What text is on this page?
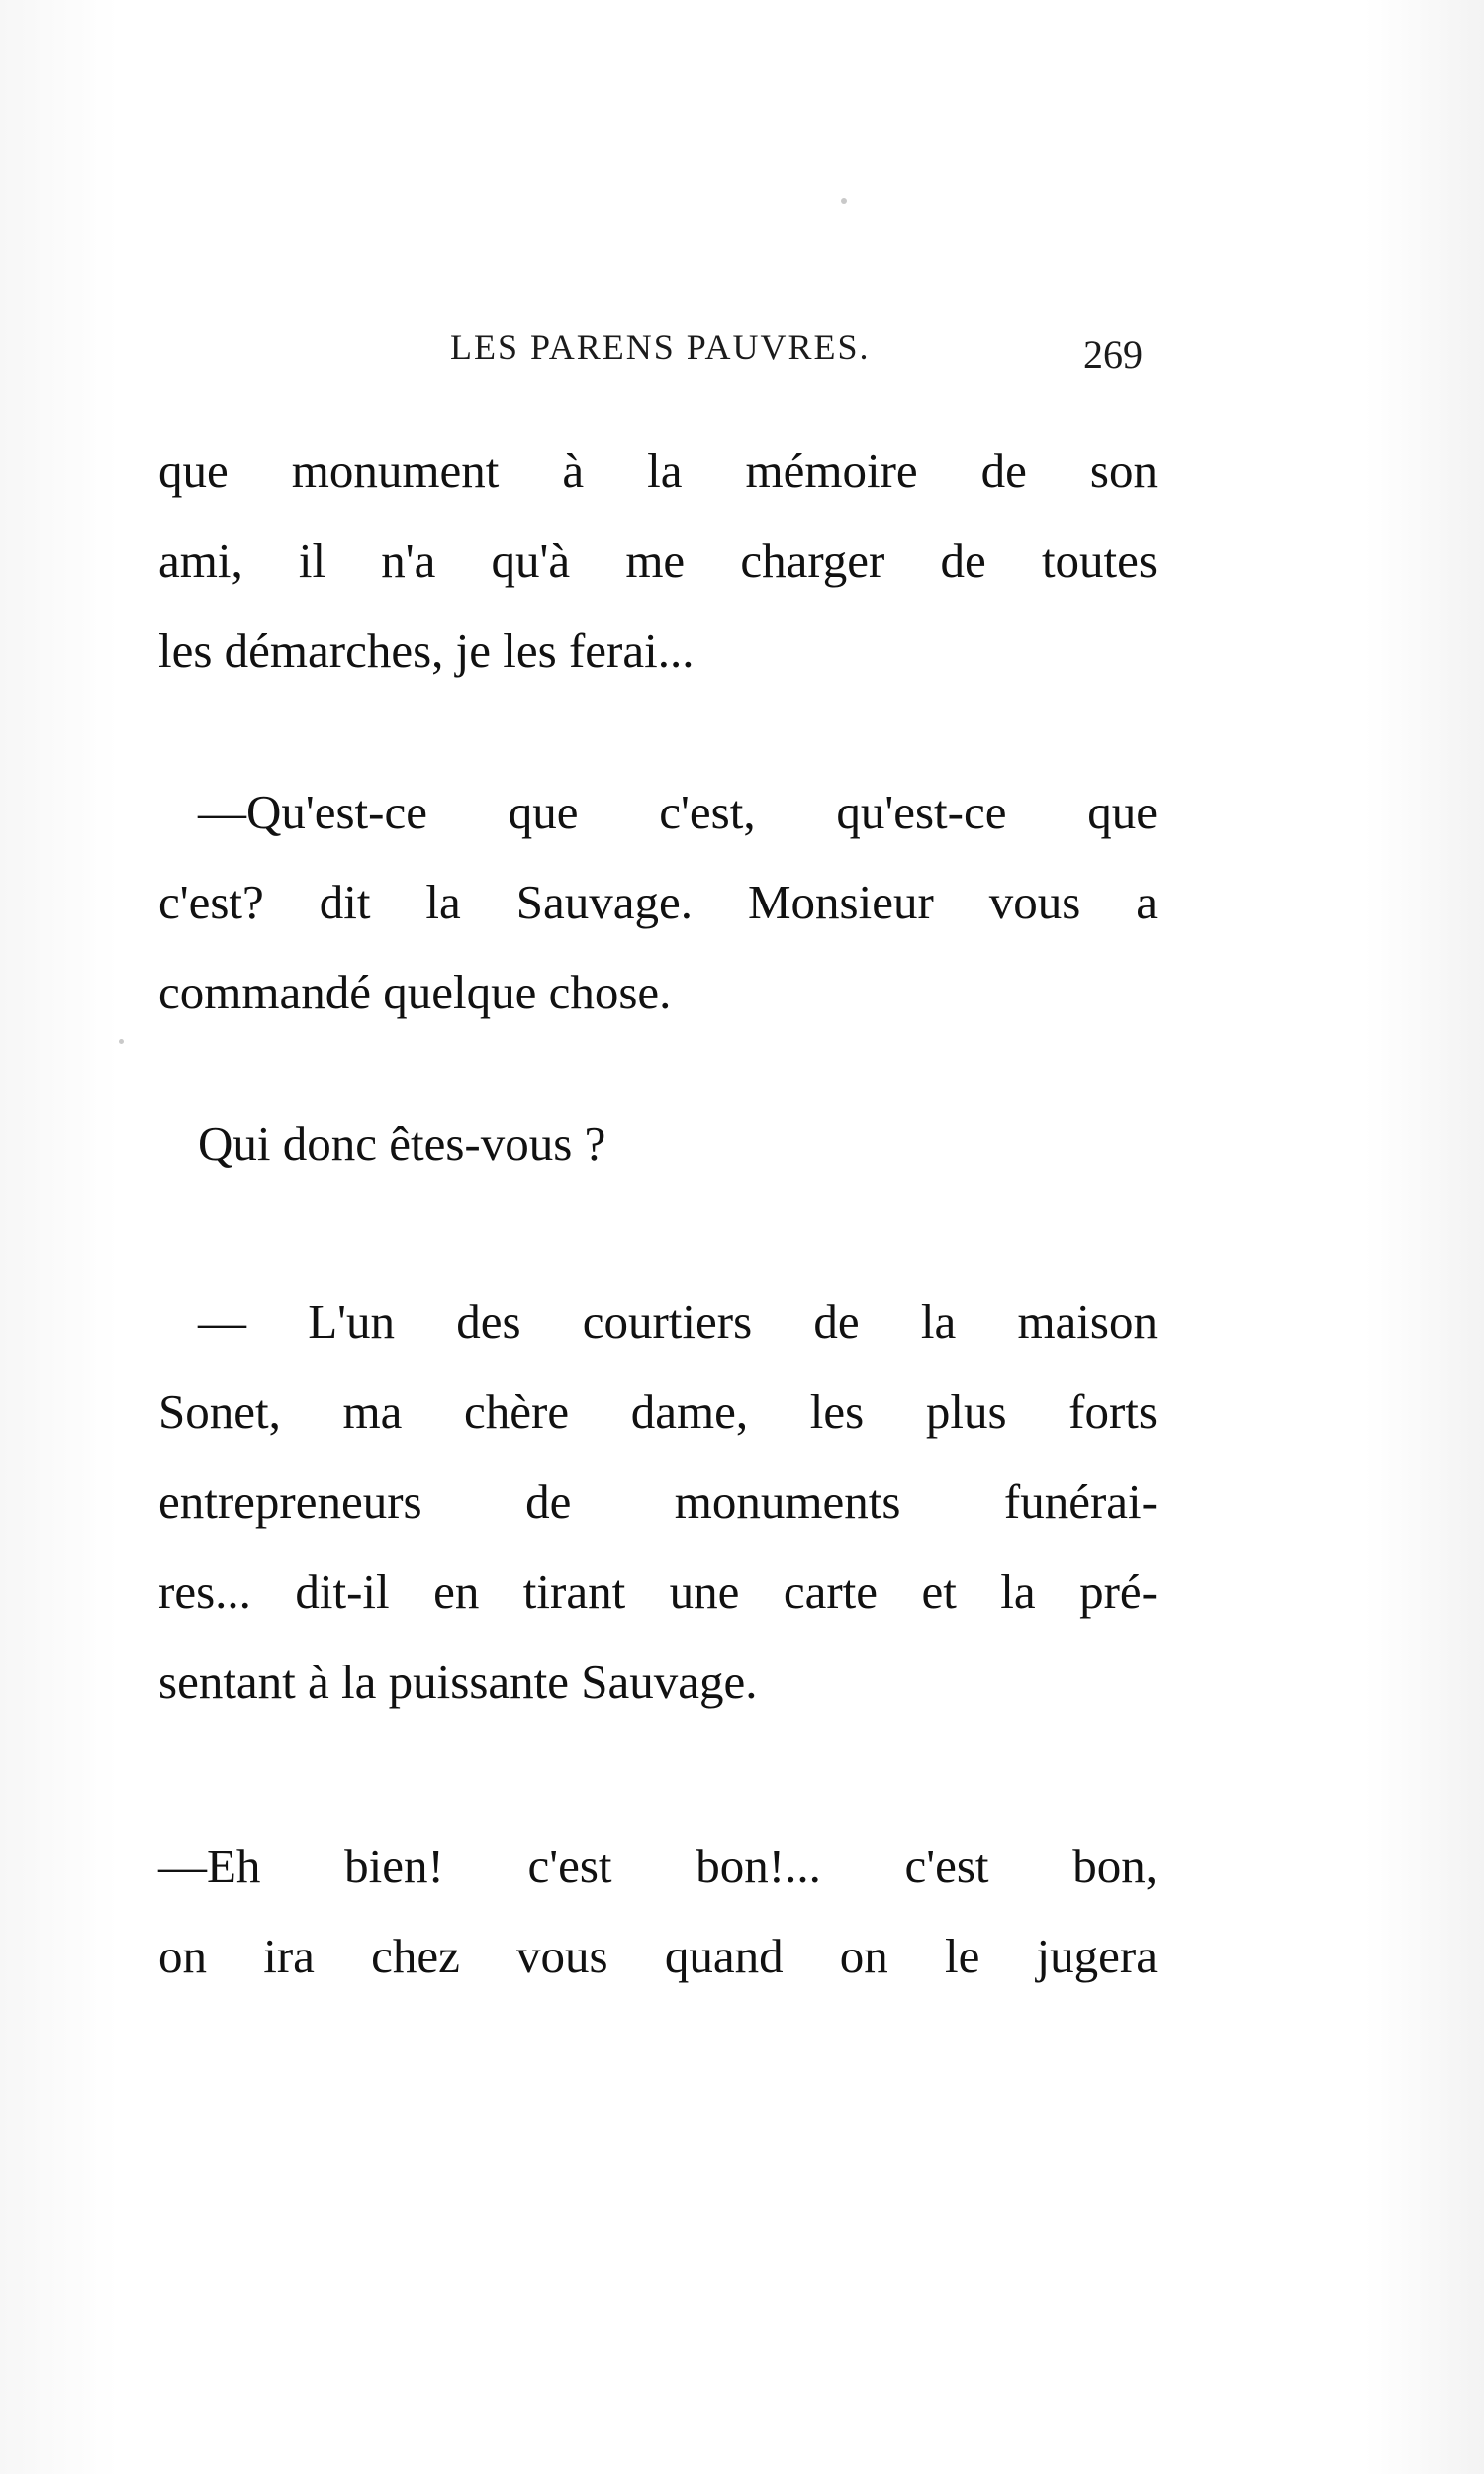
LES PARENS PAUVRES.	269
que monument à la mémoire de son
ami, il n'a qu'à me charger de toutes
les démarches, je les ferai...
—Qu'est-ce que c'est, qu'est-ce que
c'est? dit la Sauvage. Monsieur vous a
commandé quelque chose.
Qui donc êtes-vous ?
— L'un des courtiers de la maison
Sonet, ma chère dame, les plus forts
entrepreneurs de monuments funérai-
res... dit-il en tirant une carte et la pré-
sentant à la puissante Sauvage.
—Eh bien! c'est bon!... c'est bon,
on ira chez vous quand on le jugera
